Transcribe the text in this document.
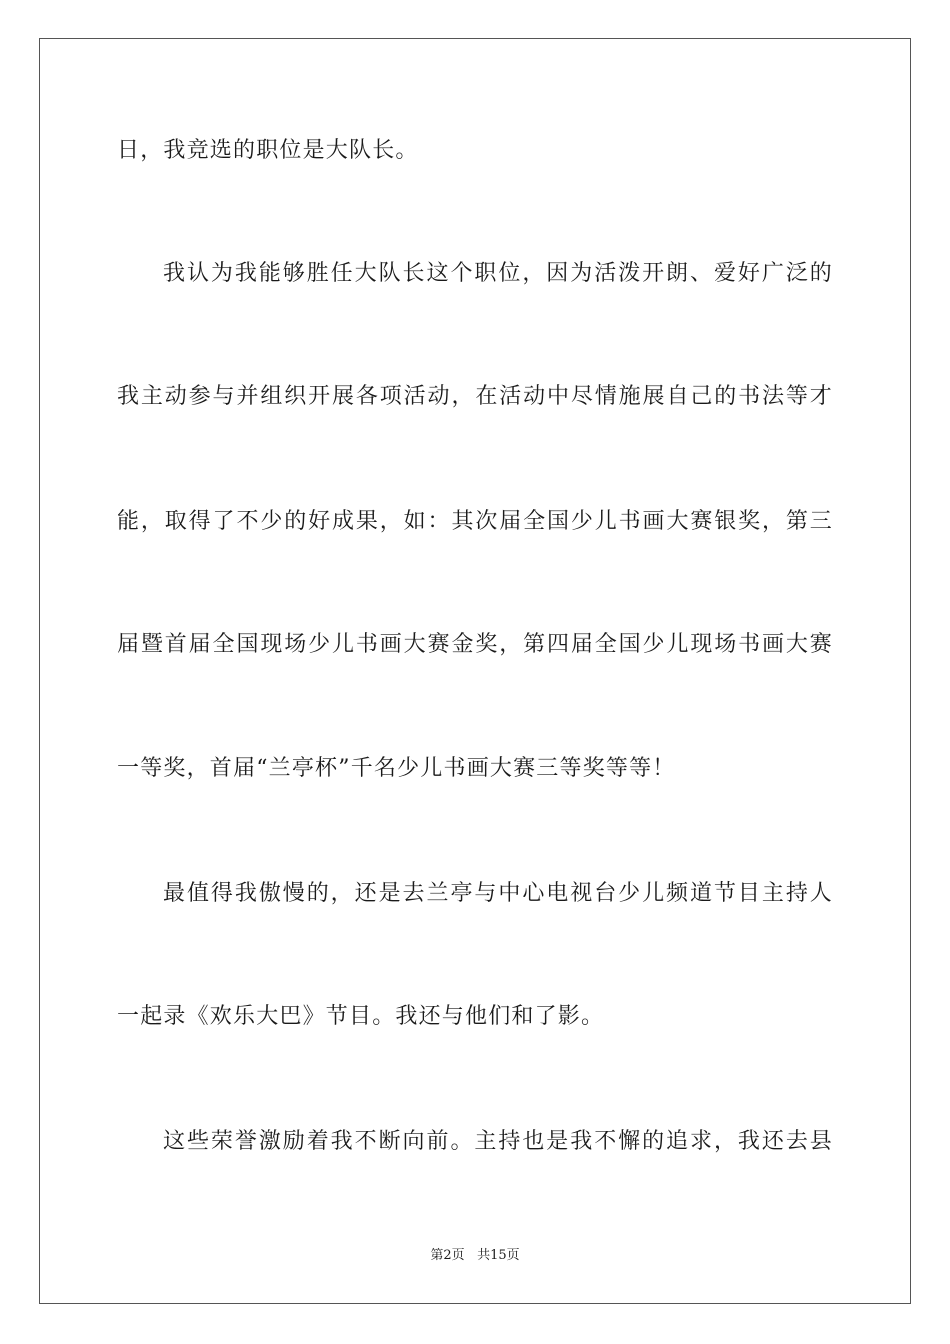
日，我竞选的职位是大队长。
我认为我能够胜任大队长这个职位，因为活泼开朗、爱好广泛的
我主动参与并组织开展各项活动，在活动中尽情施展自己的书法等才
能，取得了不少的好成果，如：其次届全国少儿书画大赛银奖，第三
届暨首届全国现场少儿书画大赛金奖，第四届全国少儿现场书画大赛
一等奖，首届“兰亭杯”千名少儿书画大赛三等奖等等！
最值得我傲慢的，还是去兰亭与中心电视台少儿频道节目主持人
一起录《欢乐大巴》节目。我还与他们和了影。
这些荣誉激励着我不断向前。主持也是我不懈的追求，我还去县
第2页 共15页
